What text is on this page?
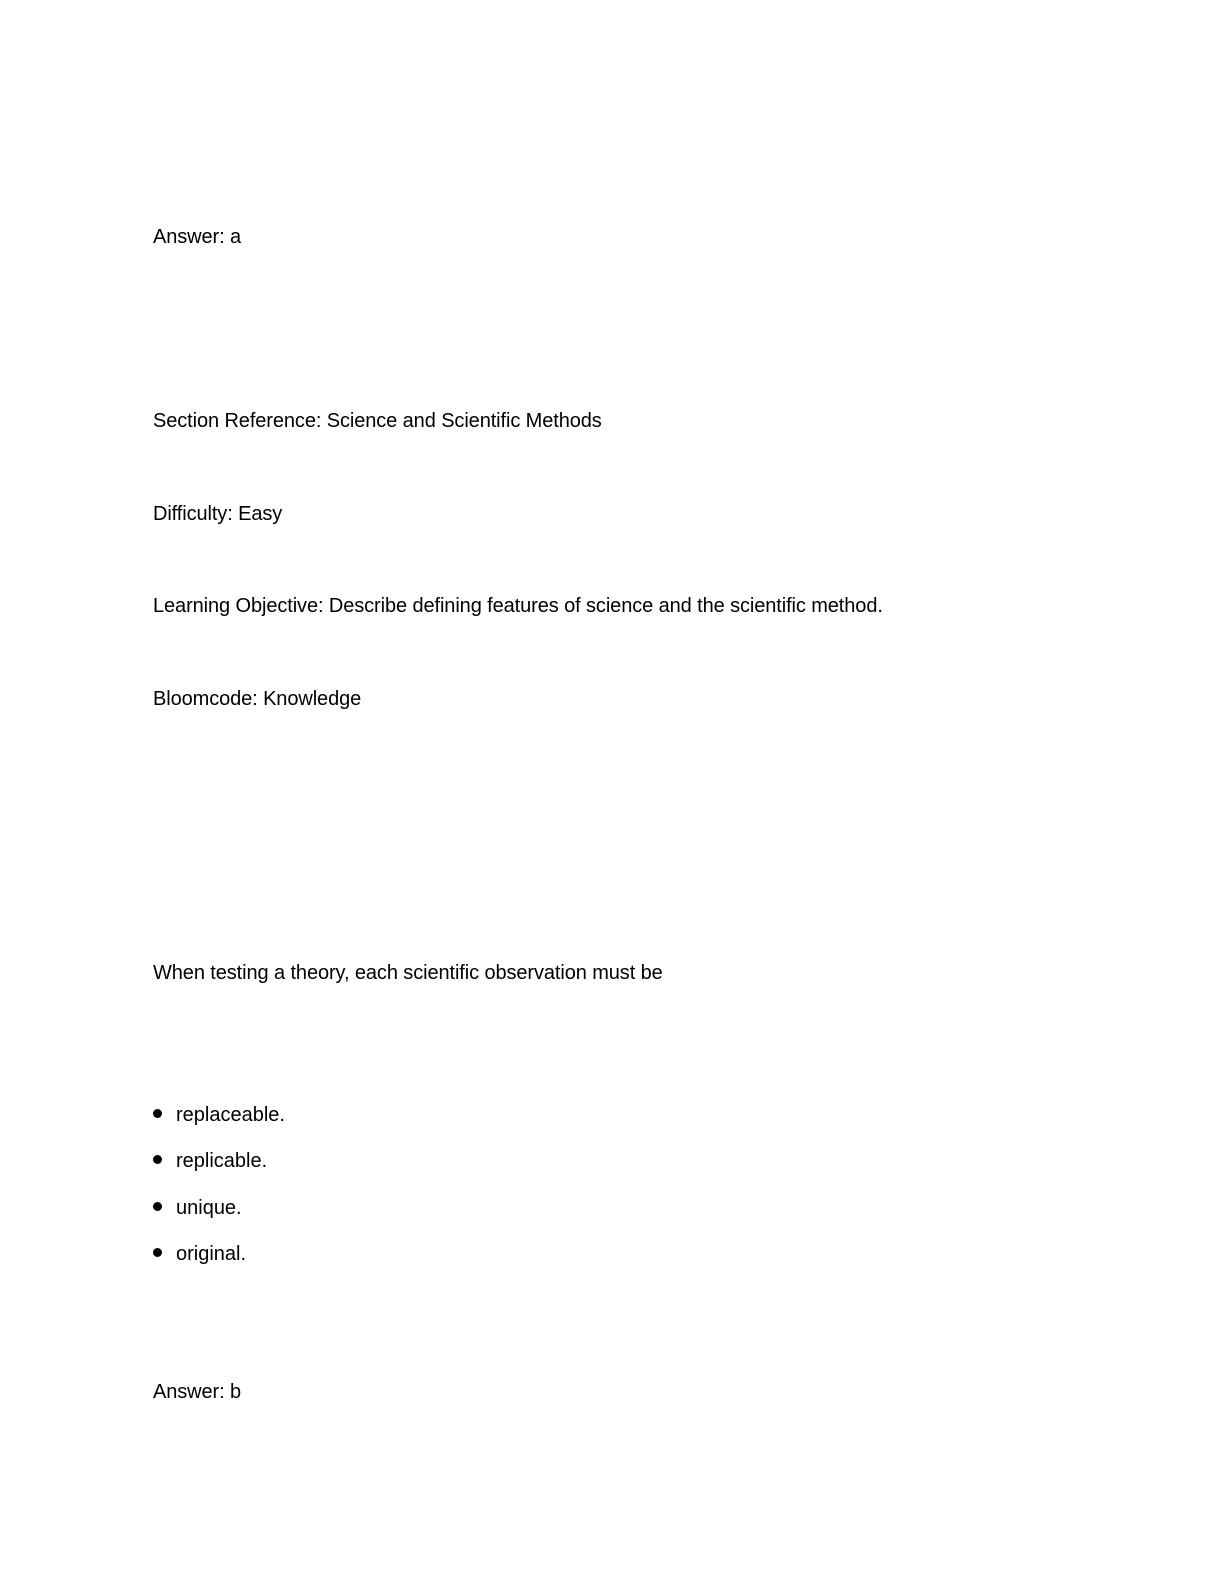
Answer: a
Section Reference: Science and Scientific Methods
Difficulty: Easy
Learning Objective: Describe defining features of science and the scientific method.
Bloomcode: Knowledge
When testing a theory, each scientific observation must be
replaceable.
replicable.
unique.
original.
Answer: b
